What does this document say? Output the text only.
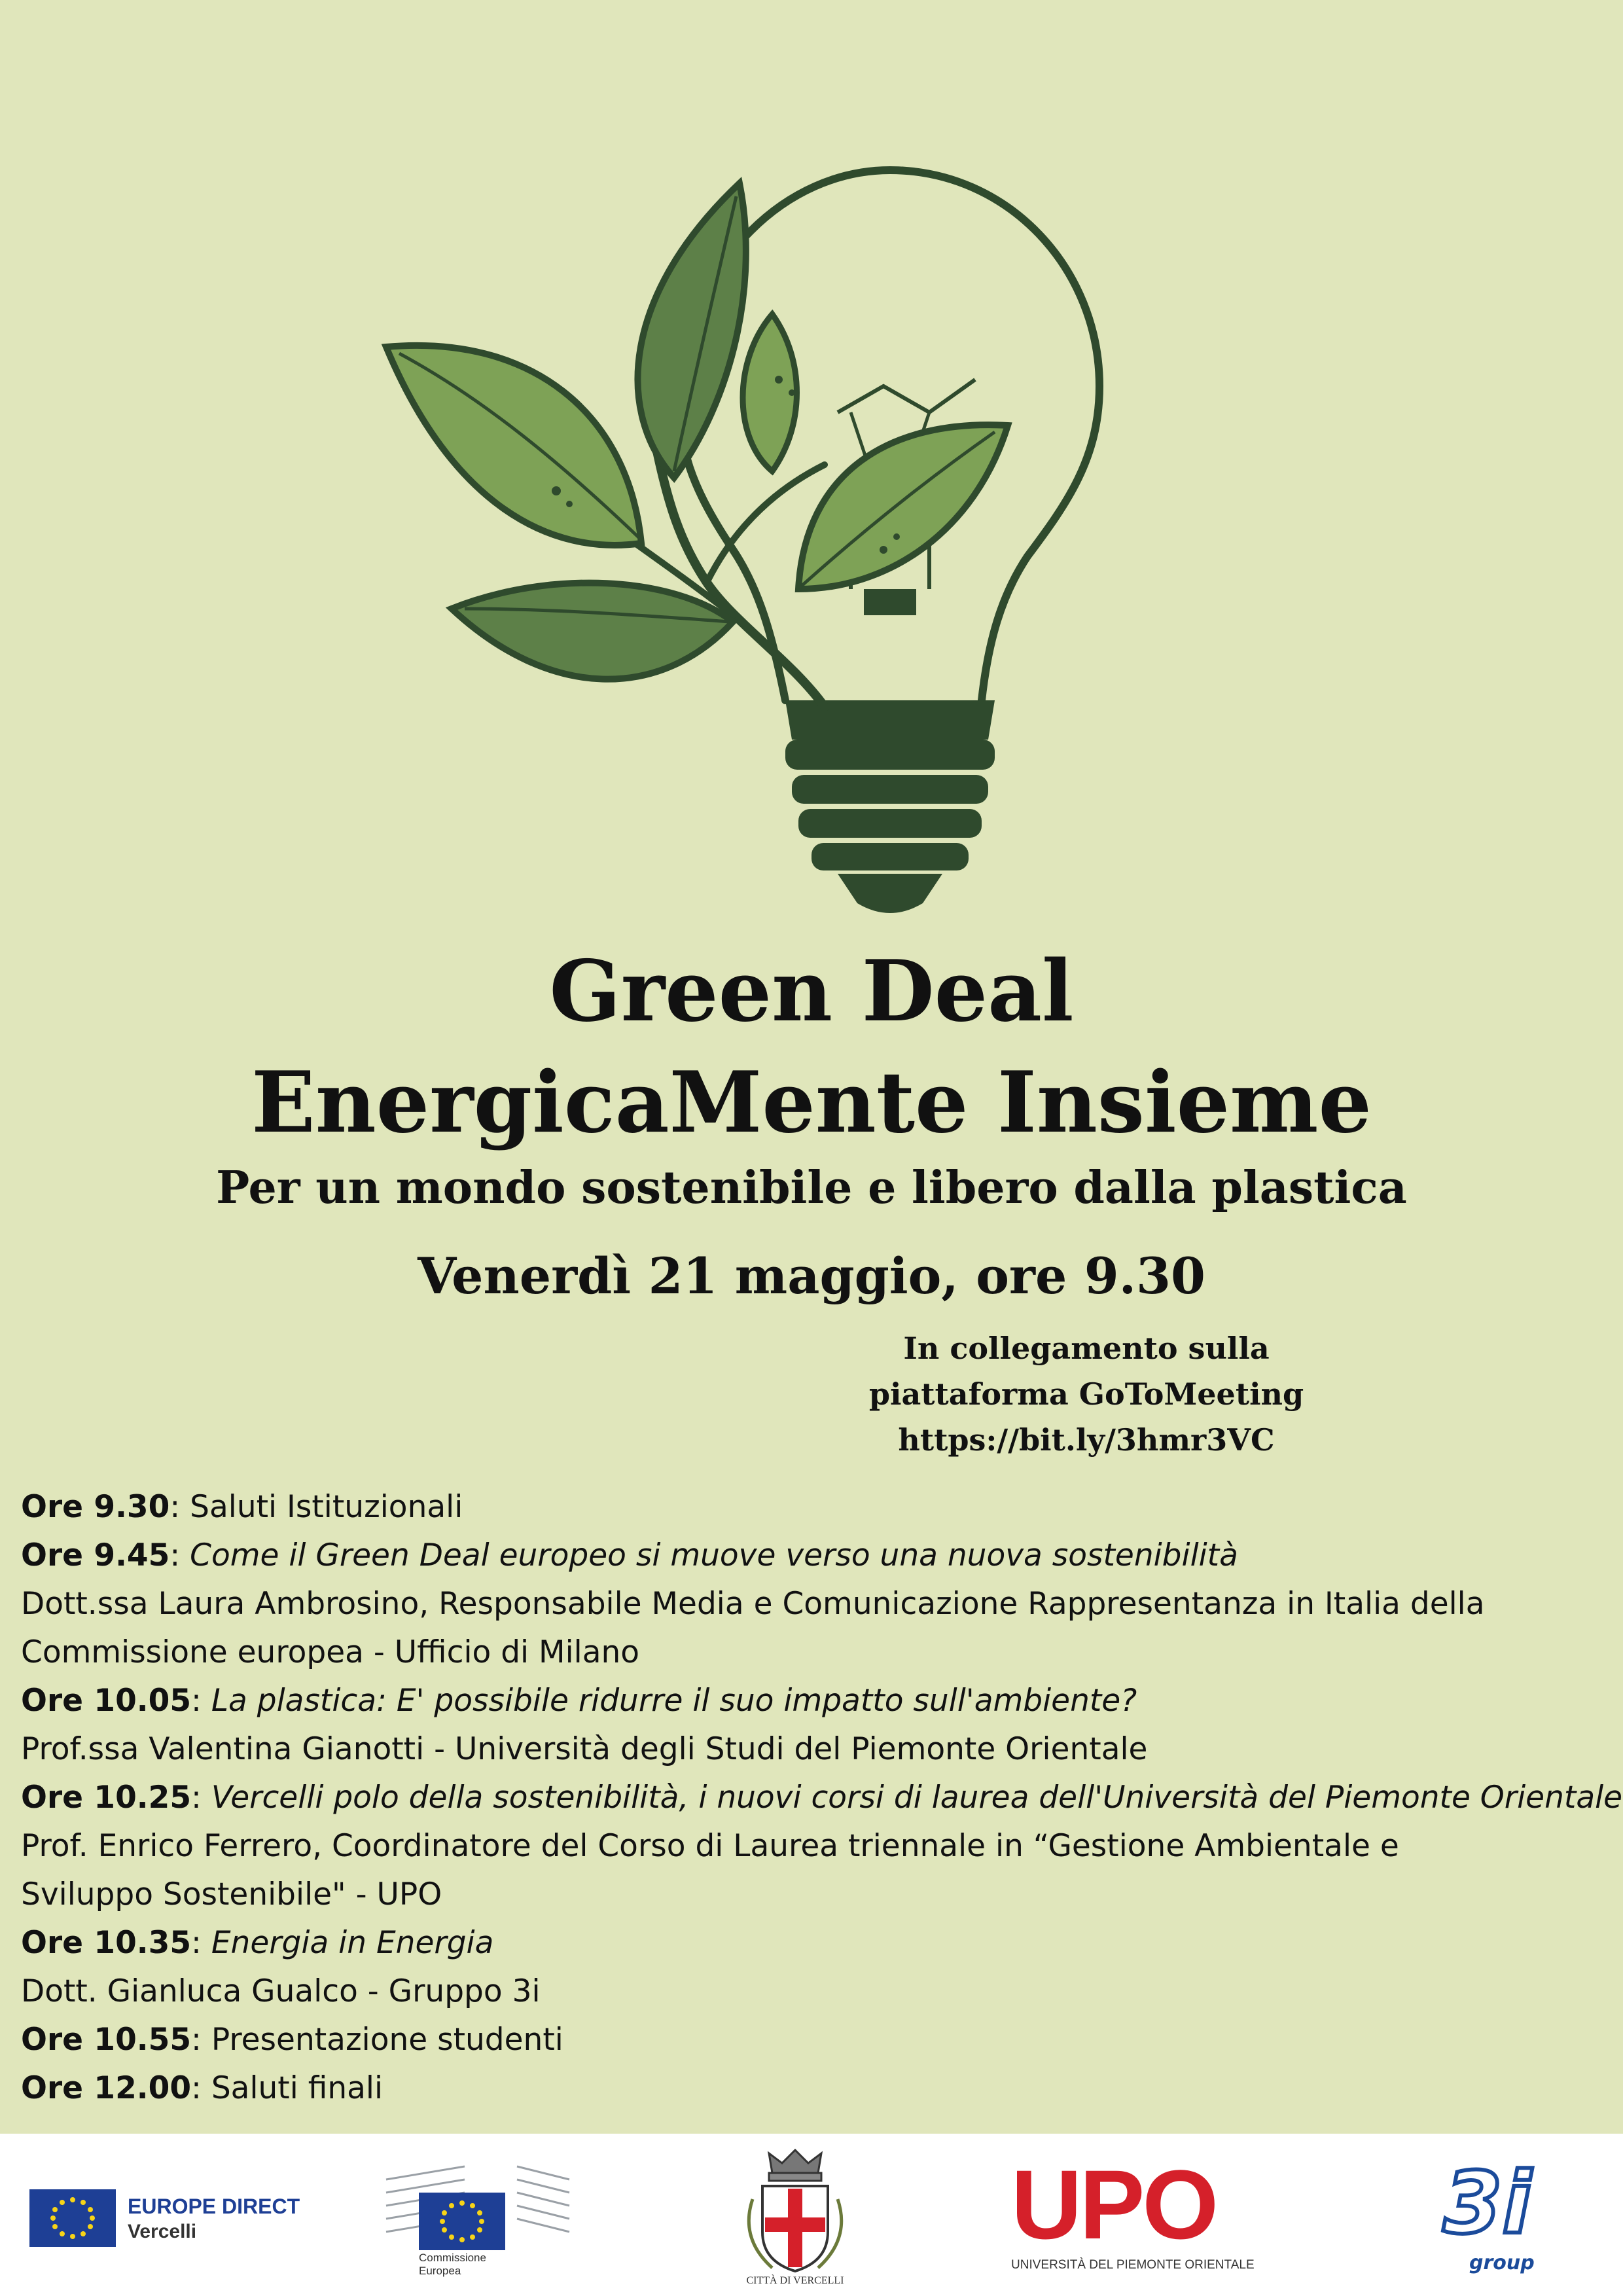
Green Deal
EnergicaMente Insieme
Per un mondo sostenibile e libero dalla plastica
Venerdì 21 maggio, ore 9.30
In collegamento sulla
piattaforma GoToMeeting
https://bit.ly/3hmr3VC
Ore 9.30: Saluti Istituzionali
Ore 9.45: Come il Green Deal europeo si muove verso una nuova sostenibilità
Dott.ssa Laura Ambrosino, Responsabile Media e Comunicazione Rappresentanza in Italia della
Commissione europea - Ufficio di Milano
Ore 10.05: La plastica: E' possibile ridurre il suo impatto sull'ambiente?
Prof.ssa Valentina Gianotti - Università degli Studi del Piemonte Orientale
Ore 10.25: Vercelli polo della sostenibilità, i nuovi corsi di laurea dell'Università del Piemonte Orientale
Prof. Enrico Ferrero, Coordinatore del Corso di Laurea triennale in “Gestione Ambientale e
Sviluppo Sostenibile" - UPO
Ore 10.35: Energia in Energia
Dott. Gianluca Gualco - Gruppo 3i
Ore 10.55: Presentazione studenti
Ore 12.00: Saluti finali
EUROPE DIRECT
Vercelli
Commissione
Europea
CITTÀ DI VERCELLI
UPO
UNIVERSITÀ DEL PIEMONTE ORIENTALE
3i
group
